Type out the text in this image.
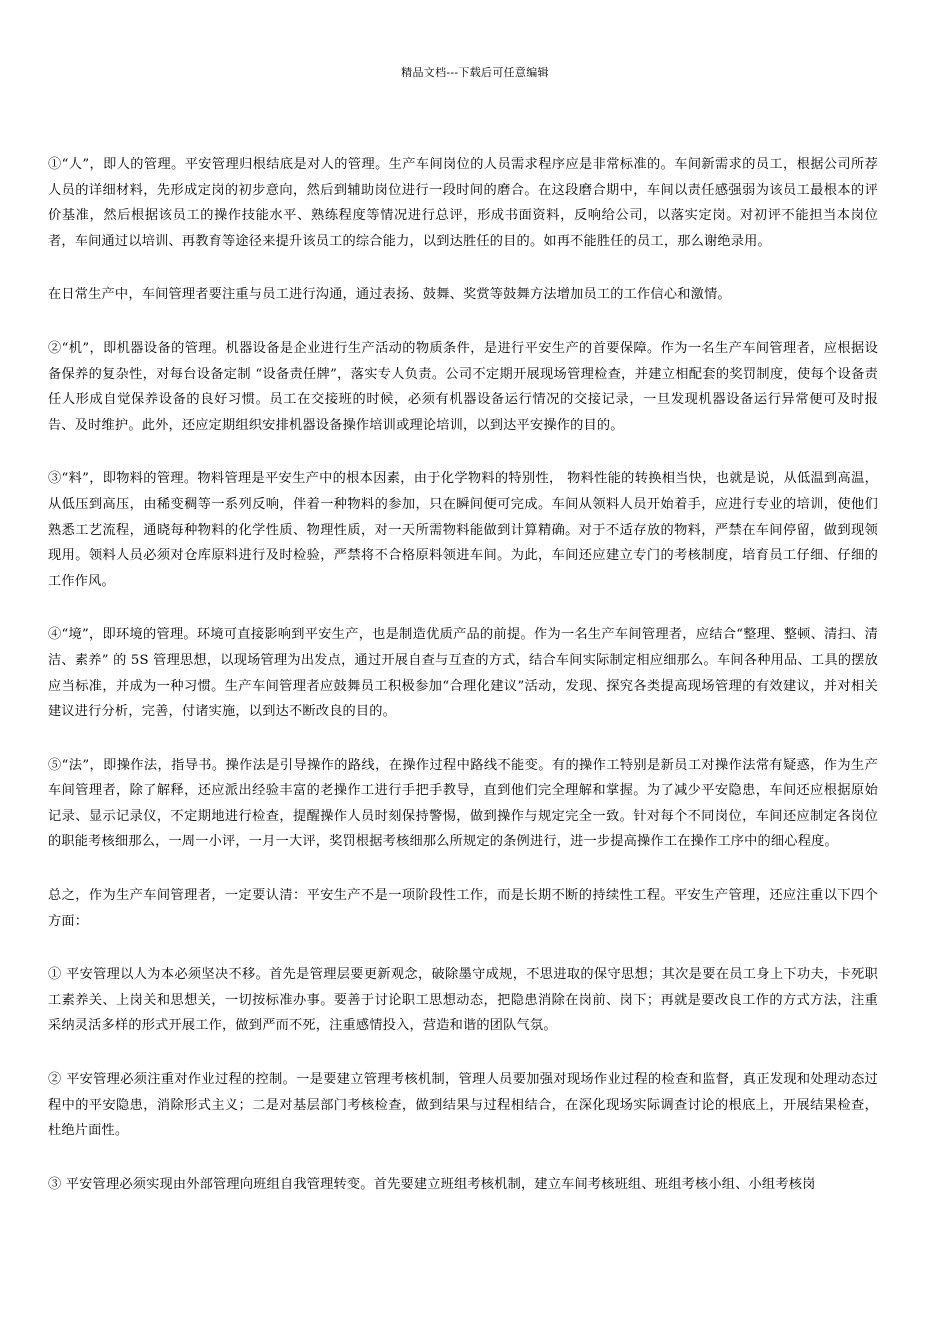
精品文档---下载后可任意编辑

①“人”，即人的管理。平安管理归根结底是对人的管理。生产车间岗位的人员需求程序应是非常标准的。车间新需求的员工，根据公司所荐人员的详细材料，先形成定岗的初步意向，然后到辅助岗位进行一段时间的磨合。在这段磨合期中，车间以责任感强弱为该员工最根本的评价基准，然后根据该员工的操作技能水平、熟练程度等情况进行总评，形成书面资料，反响给公司，以落实定岗。对初评不能担当本岗位者，车间通过以培训、再教育等途径来提升该员工的综合能力，以到达胜任的目的。如再不能胜任的员工，那么谢绝录用。

在日常生产中，车间管理者要注重与员工进行沟通，通过表扬、鼓舞、奖赏等鼓舞方法增加员工的工作信心和激情。

②“机”，即机器设备的管理。机器设备是企业进行生产活动的物质条件，是进行平安生产的首要保障。作为一名生产车间管理者，应根据设备保养的复杂性，对每台设备定制 “设备责任牌”，落实专人负责。公司不定期开展现场管理检查，并建立相配套的奖罚制度，使每个设备责任人形成自觉保养设备的良好习惯。员工在交接班的时候，必须有机器设备运行情况的交接记录，一旦发现机器设备运行异常便可及时报告、及时维护。此外，还应定期组织安排机器设备操作培训或理论培训，以到达平安操作的目的。

③“料”，即物料的管理。物料管理是平安生产中的根本因素，由于化学物料的特别性， 物料性能的转换相当快，也就是说，从低温到高温，从低压到高压，由稀变稠等一系列反响，伴着一种物料的参加，只在瞬间便可完成。车间从领料人员开始着手，应进行专业的培训，使他们熟悉工艺流程，通晓每种物料的化学性质、物理性质，对一天所需物料能做到计算精确。对于不适存放的物料，严禁在车间停留，做到现领现用。领料人员必须对仓库原料进行及时检验，严禁将不合格原料领进车间。为此，车间还应建立专门的考核制度，培育员工仔细、仔细的工作作风。

④“境”，即环境的管理。环境可直接影响到平安生产，也是制造优质产品的前提。作为一名生产车间管理者，应结合“整理、整顿、清扫、清洁、素养” 的 5S 管理思想，以现场管理为出发点，通过开展自查与互查的方式，结合车间实际制定相应细那么。车间各种用品、工具的摆放应当标准，并成为一种习惯。生产车间管理者应鼓舞员工积极参加“合理化建议”活动，发现、探究各类提高现场管理的有效建议，并对相关建议进行分析，完善，付诸实施，以到达不断改良的目的。

⑤“法”，即操作法，指导书。操作法是引导操作的路线，在操作过程中路线不能变。有的操作工特别是新员工对操作法常有疑惑，作为生产车间管理者，除了解释，还应派出经验丰富的老操作工进行手把手教导，直到他们完全理解和掌握。为了减少平安隐患，车间还应根据原始记录、显示记录仪，不定期地进行检查，提醒操作人员时刻保持警惕，做到操作与规定完全一致。针对每个不同岗位，车间还应制定各岗位的职能考核细那么，一周一小评，一月一大评，奖罚根据考核细那么所规定的条例进行，进一步提高操作工在操作工序中的细心程度。

总之，作为生产车间管理者，一定要认清：平安生产不是一项阶段性工作，而是长期不断的持续性工程。平安生产管理，还应注重以下四个方面：

① 平安管理以人为本必须坚决不移。首先是管理层要更新观念，破除墨守成规，不思进取的保守思想；其次是要在员工身上下功夫，卡死职工素养关、上岗关和思想关，一切按标准办事。要善于讨论职工思想动态，把隐患消除在岗前、岗下；再就是要改良工作的方式方法，注重采纳灵活多样的形式开展工作，做到严而不死，注重感情投入，营造和谐的团队气氛。

② 平安管理必须注重对作业过程的控制。一是要建立管理考核机制，管理人员要加强对现场作业过程的检查和监督，真正发现和处理动态过程中的平安隐患，消除形式主义；二是对基层部门考核检查，做到结果与过程相结合，在深化现场实际调查讨论的根底上，开展结果检查，杜绝片面性。

③ 平安管理必须实现由外部管理向班组自我管理转变。首先要建立班组考核机制，建立车间考核班组、班组考核小组、小组考核岗
